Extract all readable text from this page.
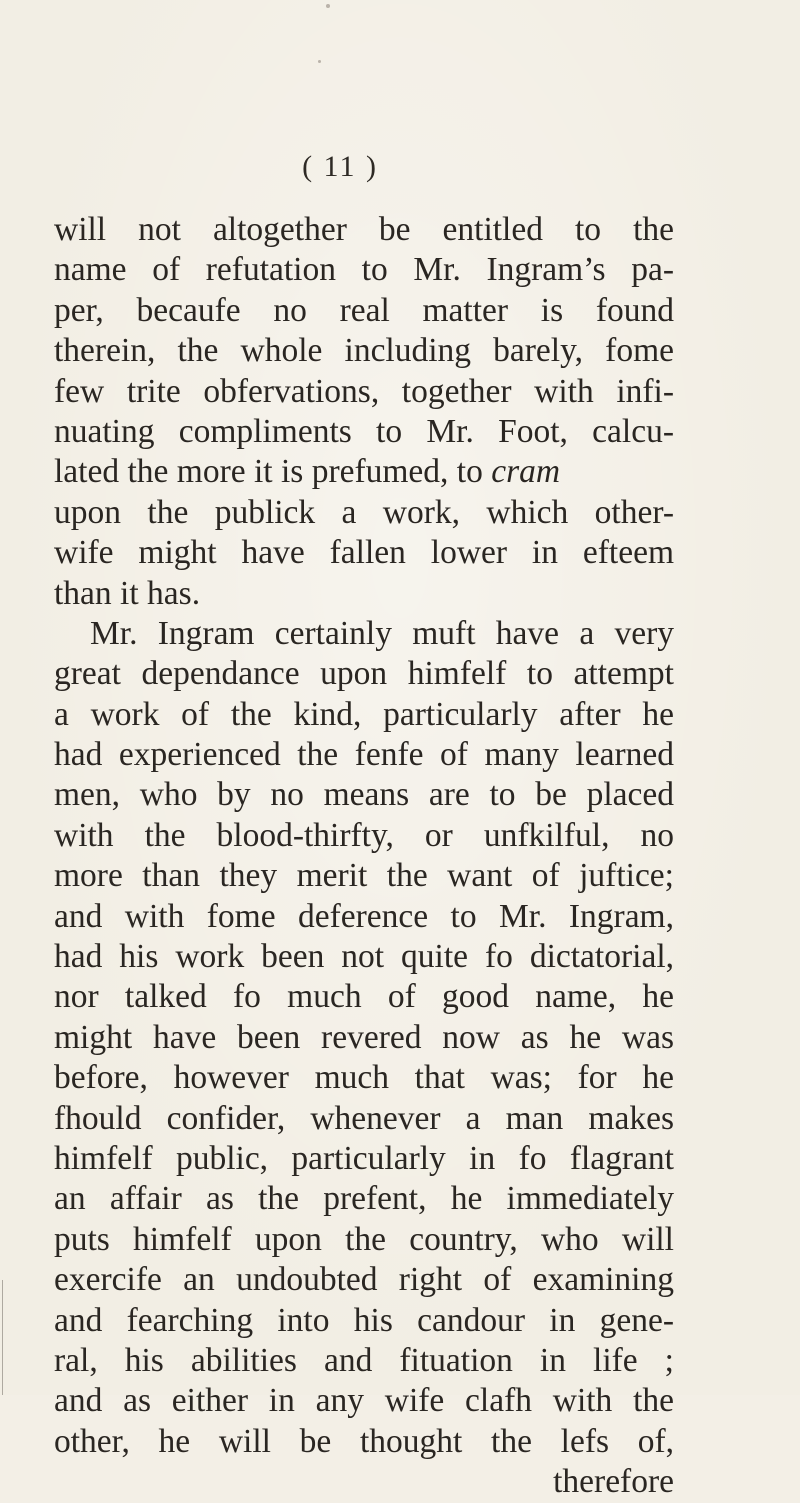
( 11 )
will not altogether be entitled to the
name of refutation to Mr. Ingram’s pa-
per, becaufe no real matter is found
therein, the whole including barely, fome
few trite obfervations, together with infi-
nuating compliments to Mr. Foot, calcu-
lated the more it is prefumed, to cram
upon the publick a work, which other-
wife might have fallen lower in efteem
than it has.
Mr. Ingram certainly muft have a very
great dependance upon himfelf to attempt
a work of the kind, particularly after he
had experienced the fenfe of many learned
men, who by no means are to be placed
with the blood-thirfty, or unfkilful, no
more than they merit the want of juftice;
and with fome deference to Mr. Ingram,
had his work been not quite fo dictatorial,
nor talked fo much of good name, he
might have been revered now as he was
before, however much that was; for he
fhould confider, whenever a man makes
himfelf public, particularly in fo flagrant
an affair as the prefent, he immediately
puts himfelf upon the country, who will
exercife an undoubted right of examining
and fearching into his candour in gene-
ral, his abilities and fituation in life ;
and as either in any wife clafh with the
other, he will be thought the lefs of,
therefore
